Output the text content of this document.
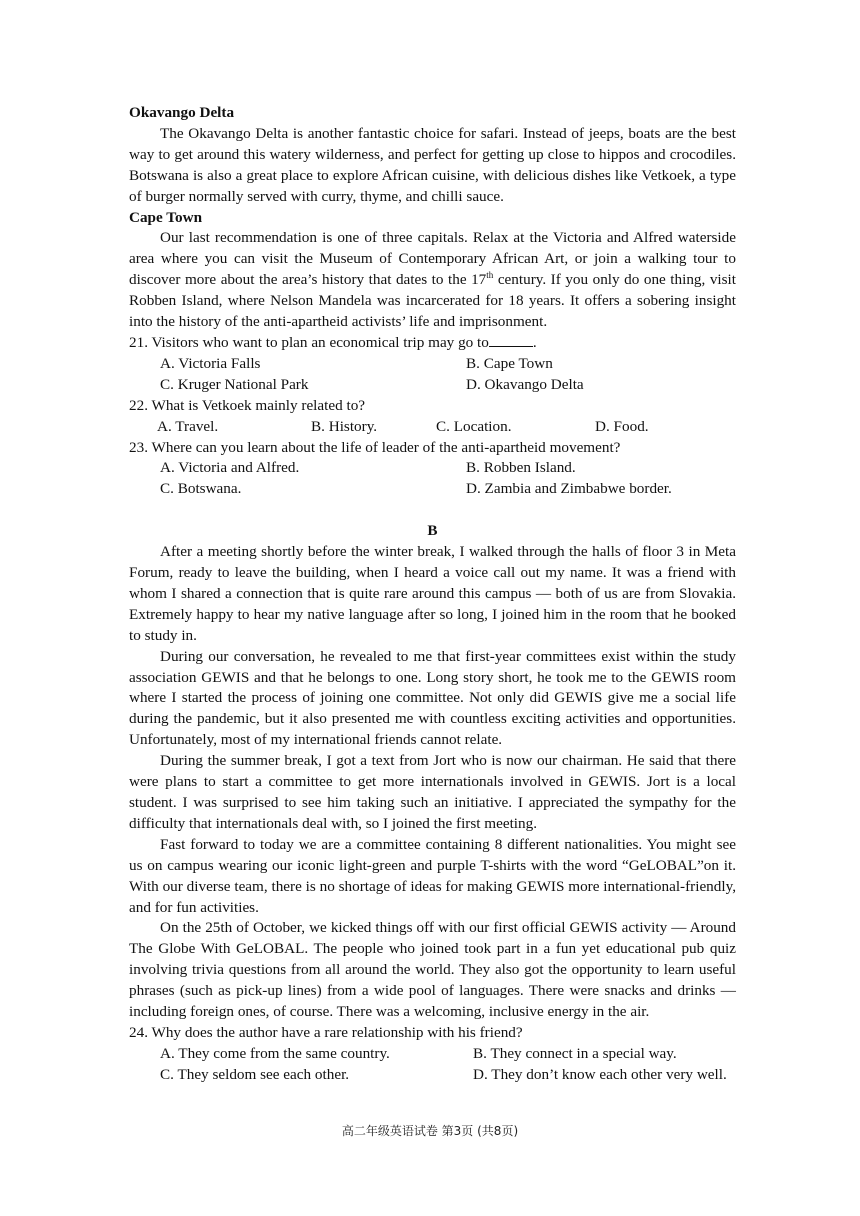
Okavango Delta
The Okavango Delta is another fantastic choice for safari. Instead of jeeps, boats are the best way to get around this watery wilderness, and perfect for getting up close to hippos and crocodiles. Botswana is also a great place to explore African cuisine, with delicious dishes like Vetkoek, a type of burger normally served with curry, thyme, and chilli sauce.
Cape Town
Our last recommendation is one of three capitals. Relax at the Victoria and Alfred waterside area where you can visit the Museum of Contemporary African Art, or join a walking tour to discover more about the area’s history that dates to the 17th century. If you only do one thing, visit Robben Island, where Nelson Mandela was incarcerated for 18 years. It offers a sobering insight into the history of the anti-apartheid activists’ life and imprisonment.
21. Visitors who want to plan an economical trip may go to	.
A. Victoria Falls	B. Cape Town
C. Kruger National Park	D. Okavango Delta
22. What is Vetkoek mainly related to?
A. Travel.	B. History.	C. Location.	D. Food.
23. Where can you learn about the life of leader of the anti-apartheid movement?
A. Victoria and Alfred.	B. Robben Island.
C. Botswana.	D. Zambia and Zimbabwe border.
B
After a meeting shortly before the winter break, I walked through the halls of floor 3 in Meta Forum, ready to leave the building, when I heard a voice call out my name. It was a friend with whom I shared a connection that is quite rare around this campus — both of us are from Slovakia. Extremely happy to hear my native language after so long, I joined him in the room that he booked to study in.
During our conversation, he revealed to me that first-year committees exist within the study association GEWIS and that he belongs to one. Long story short, he took me to the GEWIS room where I started the process of joining one committee. Not only did GEWIS give me a social life during the pandemic, but it also presented me with countless exciting activities and opportunities. Unfortunately, most of my international friends cannot relate.
During the summer break, I got a text from Jort who is now our chairman. He said that there were plans to start a committee to get more internationals involved in GEWIS. Jort is a local student. I was surprised to see him taking such an initiative. I appreciated the sympathy for the difficulty that internationals deal with, so I joined the first meeting.
Fast forward to today we are a committee containing 8 different nationalities. You might see us on campus wearing our iconic light-green and purple T-shirts with the word “GeLOBAL”on it. With our diverse team, there is no shortage of ideas for making GEWIS more international-friendly, and for fun activities.
On the 25th of October, we kicked things off with our first official GEWIS activity — Around The Globe With GeLOBAL. The people who joined took part in a fun yet educational pub quiz involving trivia questions from all around the world. They also got the opportunity to learn useful phrases (such as pick-up lines) from a wide pool of languages. There were snacks and drinks — including foreign ones, of course. There was a welcoming, inclusive energy in the air.
24. Why does the author have a rare relationship with his friend?
A. They come from the same country.	B. They connect in a special way.
C. They seldom see each other.	D. They don’t know each other very well.
高二年级英语试卷 第3页 (共8页)
